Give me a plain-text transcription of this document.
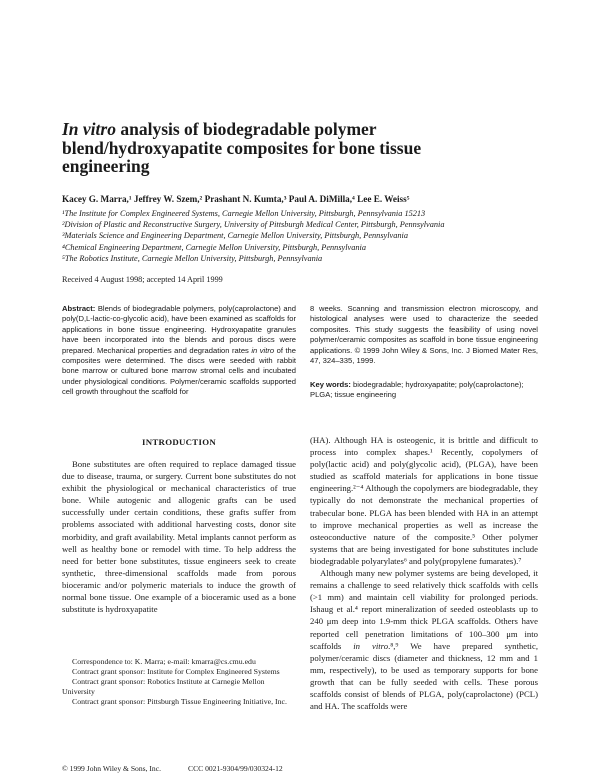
In vitro analysis of biodegradable polymer blend/hydroxyapatite composites for bone tissue engineering
Kacey G. Marra,¹ Jeffrey W. Szem,² Prashant N. Kumta,³ Paul A. DiMilla,⁴ Lee E. Weiss⁵
¹The Institute for Complex Engineered Systems, Carnegie Mellon University, Pittsburgh, Pennsylvania 15213
²Division of Plastic and Reconstructive Surgery, University of Pittsburgh Medical Center, Pittsburgh, Pennsylvania
³Materials Science and Engineering Department, Carnegie Mellon University, Pittsburgh, Pennsylvania
⁴Chemical Engineering Department, Carnegie Mellon University, Pittsburgh, Pennsylvania
⁵The Robotics Institute, Carnegie Mellon University, Pittsburgh, Pennsylvania
Received 4 August 1998; accepted 14 April 1999
Abstract: Blends of biodegradable polymers, poly(caprolactone) and poly(D,L-lactic-co-glycolic acid), have been examined as scaffolds for applications in bone tissue engineering. Hydroxyapatite granules have been incorporated into the blends and porous discs were prepared. Mechanical properties and degradation rates in vitro of the composites were determined. The discs were seeded with rabbit bone marrow or cultured bone marrow stromal cells and incubated under physiological conditions. Polymer/ceramic scaffolds supported cell growth throughout the scaffold for
8 weeks. Scanning and transmission electron microscopy, and histological analyses were used to characterize the seeded composites. This study suggests the feasibility of using novel polymer/ceramic composites as scaffold in bone tissue engineering applications. © 1999 John Wiley & Sons, Inc. J Biomed Mater Res, 47, 324–335, 1999.
Key words: biodegradable; hydroxyapatite; poly(caprolactone); PLGA; tissue engineering
INTRODUCTION

Bone substitutes are often required to replace damaged tissue due to disease, trauma, or surgery. Current bone substitutes do not exhibit the physiological or mechanical characteristics of true bone. While autogenic and allogenic grafts can be used successfully under certain conditions, these grafts suffer from problems associated with additional harvesting costs, donor site morbidity, and graft availability. Metal implants cannot perform as well as healthy bone or remodel with time. To help address the need for better bone substitutes, tissue engineers seek to create synthetic, three-dimensional scaffolds made from porous bioceramic and/or polymeric materials to induce the growth of normal bone tissue. One example of a bioceramic used as a bone substitute is hydroxyapatite

(HA). Although HA is osteogenic, it is brittle and difficult to process into complex shapes.¹ Recently, copolymers of poly(lactic acid) and poly(glycolic acid), (PLGA), have been studied as scaffold materials for applications in bone tissue engineering.²⁻⁴ Although the copolymers are biodegradable, they typically do not demonstrate the mechanical properties of trabecular bone. PLGA has been blended with HA in an attempt to improve mechanical properties as well as increase the osteoconductive nature of the composite.⁵ Other polymer systems that are being investigated for bone substitutes include biodegradable polyarylates⁶ and poly(propylene fumarates).⁷

Although many new polymer systems are being developed, it remains a challenge to seed relatively thick scaffolds with cells (>1 mm) and maintain cell viability for prolonged periods. Ishaug et al.⁴ report mineralization of seeded osteoblasts up to 240 μm deep into 1.9-mm thick PLGA scaffolds. Others have reported cell penetration limitations of 100–300 μm into scaffolds in vitro.⁸,⁹ We have prepared synthetic, polymer/ceramic discs (diameter and thickness, 12 mm and 1 mm, respectively), to be used as temporary supports for bone growth that can be fully seeded with cells. These porous scaffolds consist of blends of PLGA, poly(caprolactone) (PCL) and HA. The scaffolds were

Correspondence to: K. Marra; e-mail: kmarra@cs.cmu.edu
Contract grant sponsor: Institute for Complex Engineered Systems
Contract grant sponsor: Robotics Institute at Carnegie Mellon University
Contract grant sponsor: Pittsburgh Tissue Engineering Initiative, Inc.
© 1999 John Wiley & Sons, Inc.	CCC 0021-9304/99/030324-12
